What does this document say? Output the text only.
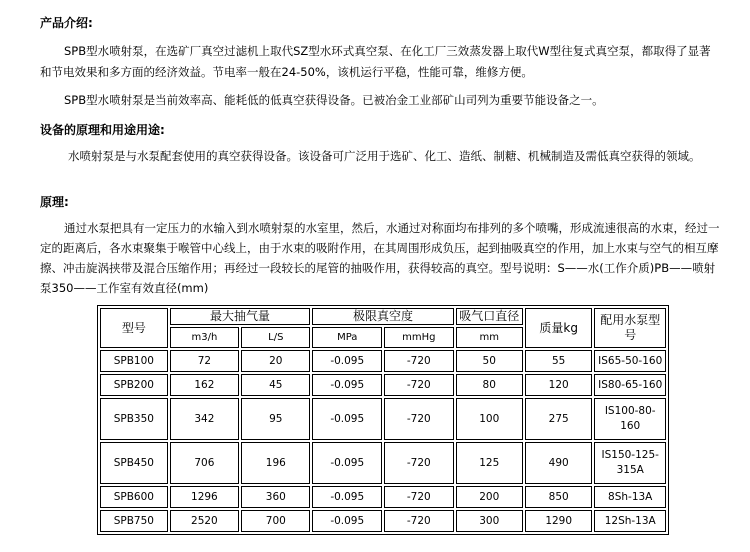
产品介绍:

SPB型水喷射泵，在选矿厂真空过滤机上取代SZ型水环式真空泵、在化工厂三效蒸发器上取代W型往复式真空泵，都取得了显著和节电效果和多方面的经济效益。节电率一般在24-50%，该机运行平稳，性能可靠，维修方便。

SPB型水喷射泵是当前效率高、能耗低的低真空获得设备。已被冶金工业部矿山司列为重要节能设备之一。

设备的原理和用途用途:

水喷射泵是与水泵配套使用的真空获得设备。该设备可广泛用于选矿、化工、造纸、制糖、机械制造及需低真空获得的领域。

原理:

通过水泵把具有一定压力的水输入到水喷射泵的水室里，然后，水通过对称面均布排列的多个喷嘴，形成流速很高的水束，经过一定的距离后，各水束聚集于喉管中心线上，由于水束的吸附作用，在其周围形成负压，起到抽吸真空的作用，加上水束与空气的相互摩擦、冲击旋涡挟带及混合压缩作用；再经过一段较长的尾管的抽吸作用，获得较高的真空。型号说明：S——水(工作介质)PB——喷射泵350——工作室有效直径(mm)

型号	最大抽气量		极限真空度		吸气口直径	质量kg	配用水泵型号
	m3/h	L/S	MPa	mmHg	mm		
SPB100	72	20	-0.095	-720	50	55	IS65-50-160
SPB200	162	45	-0.095	-720	80	120	IS80-65-160
SPB350	342	95	-0.095	-720	100	275	IS100-80-160
SPB450	706	196	-0.095	-720	125	490	IS150-125-315A
SPB600	1296	360	-0.095	-720	200	850	8Sh-13A
SPB750	2520	700	-0.095	-720	300	1290	12Sh-13A
